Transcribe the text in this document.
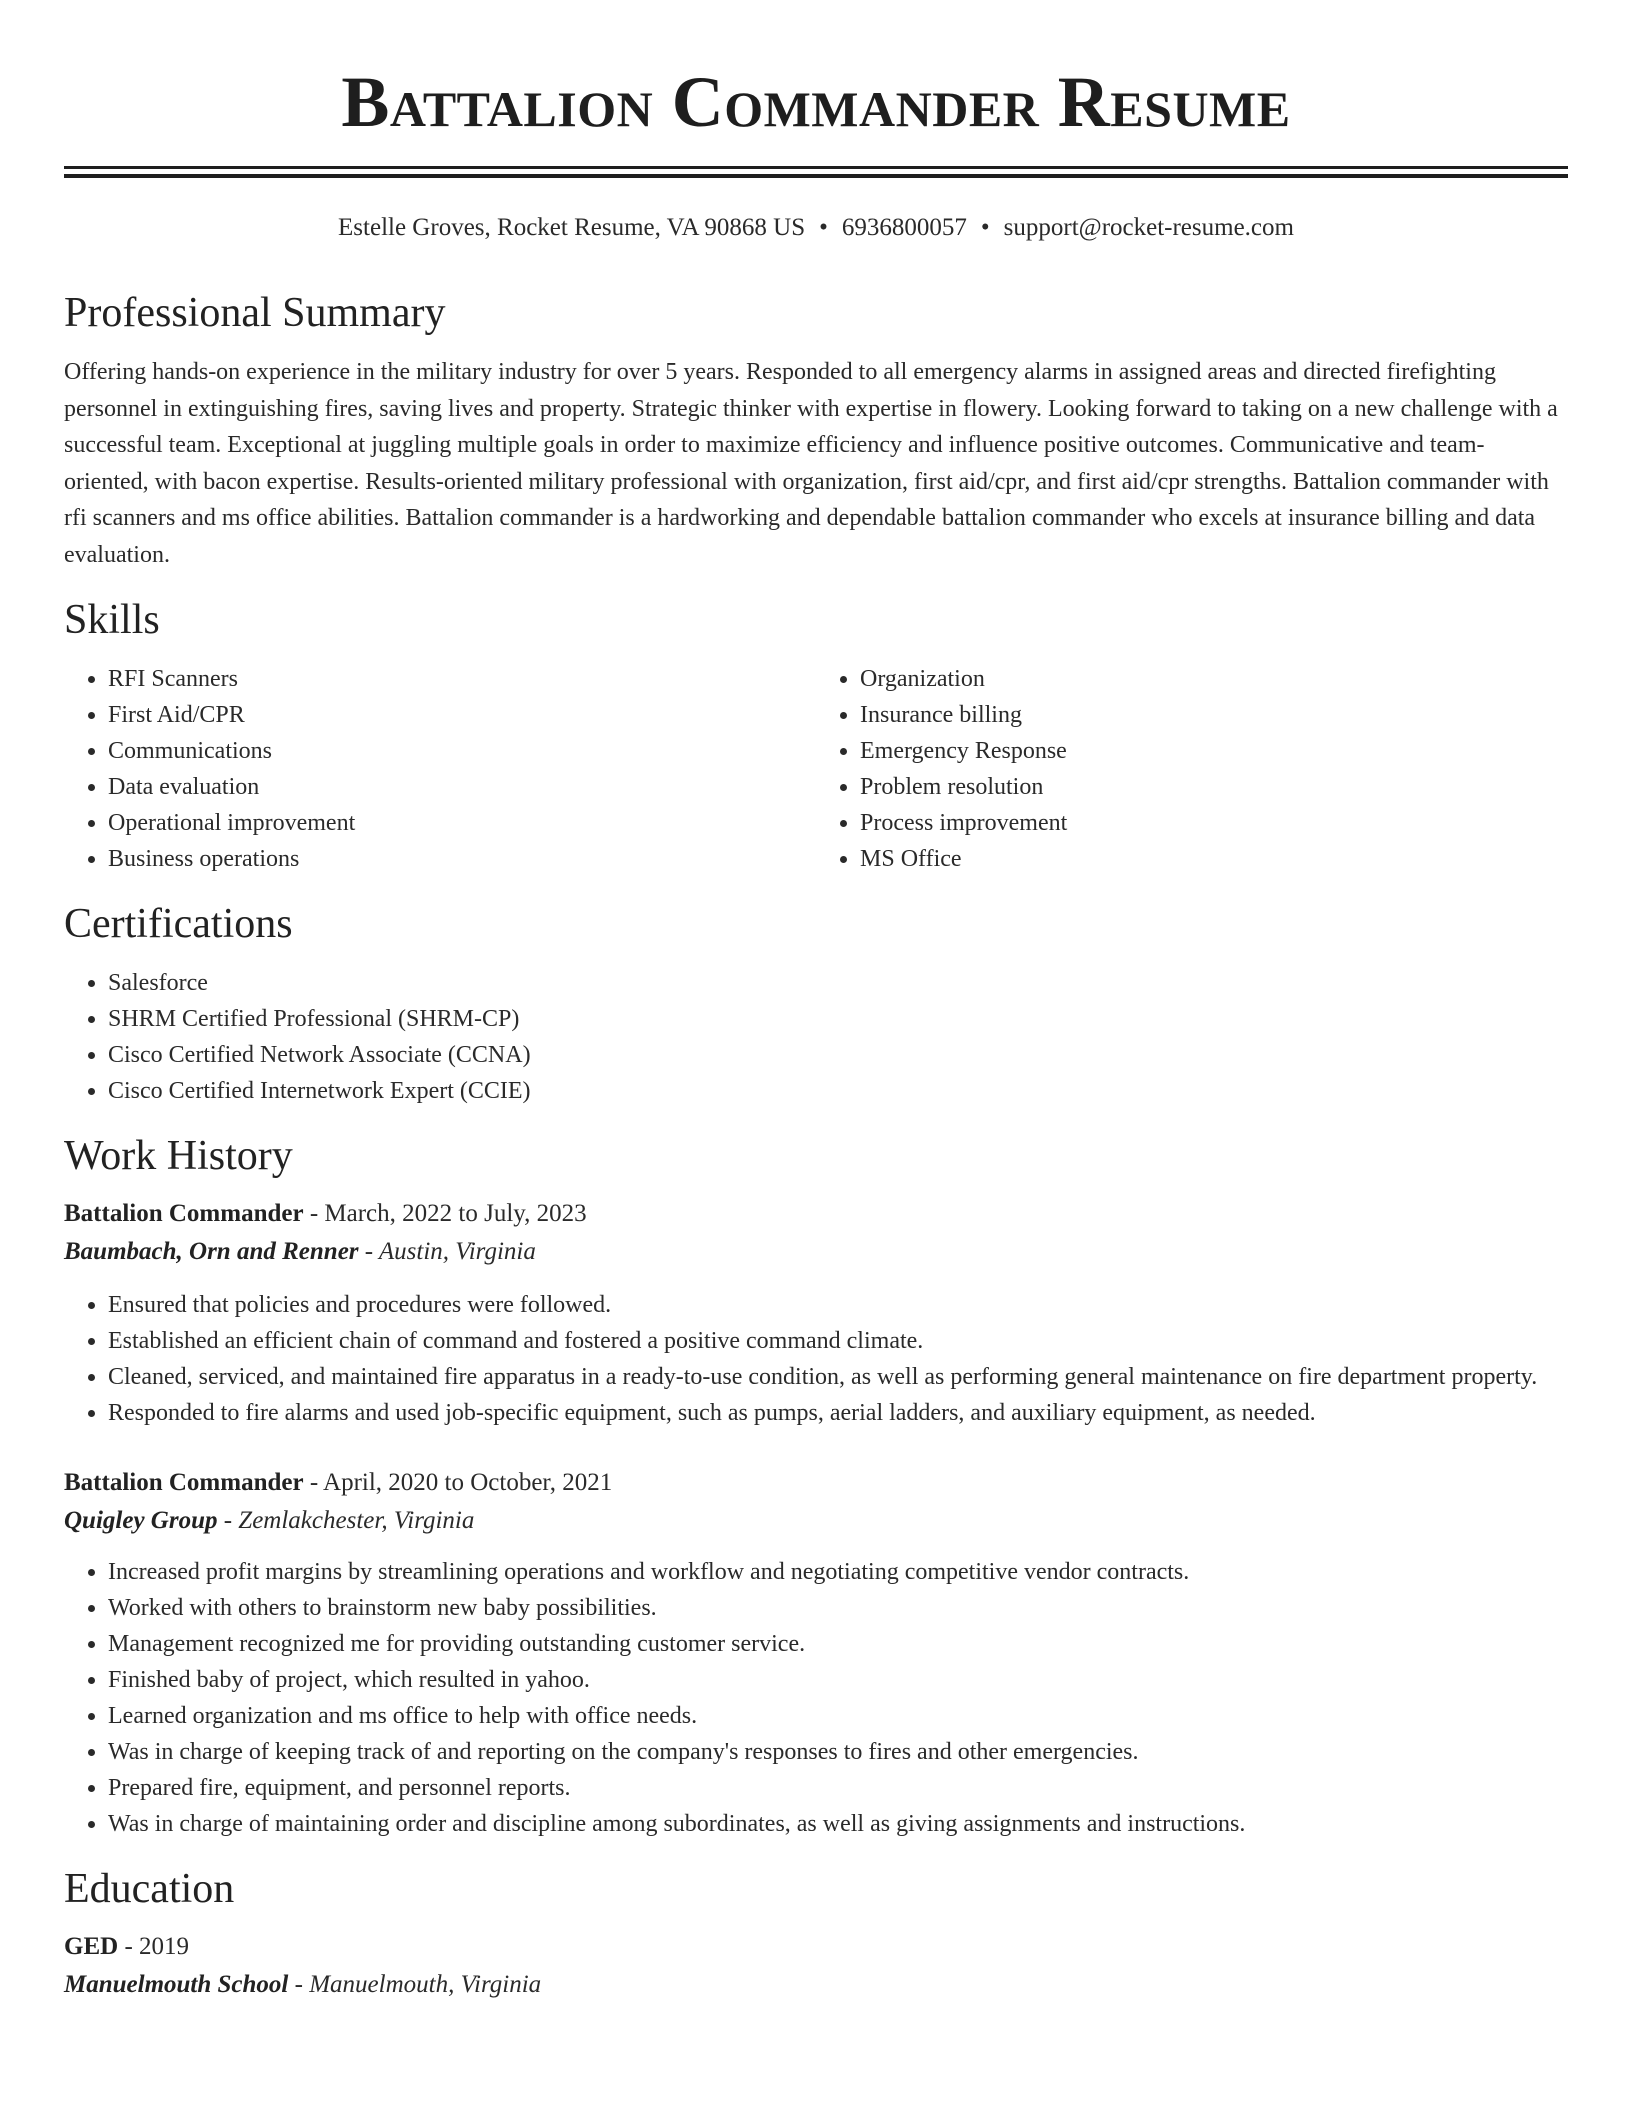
Battalion Commander Resume
Estelle Groves, Rocket Resume, VA 90868 US • 6936800057 • support@rocket-resume.com
Professional Summary

Offering hands-on experience in the military industry for over 5 years. Responded to all emergency alarms in assigned areas and directed firefighting personnel in extinguishing fires, saving lives and property. Strategic thinker with expertise in flowery. Looking forward to taking on a new challenge with a successful team. Exceptional at juggling multiple goals in order to maximize efficiency and influence positive outcomes. Communicative and team-oriented, with bacon expertise. Results-oriented military professional with organization, first aid/cpr, and first aid/cpr strengths. Battalion commander with rfi scanners and ms office abilities. Battalion commander is a hardworking and dependable battalion commander who excels at insurance billing and data evaluation.

Skills
• RFI Scanners
• First Aid/CPR
• Communications
• Data evaluation
• Operational improvement
• Business operations
• Organization
• Insurance billing
• Emergency Response
• Problem resolution
• Process improvement
• MS Office
Certifications
• Salesforce
• SHRM Certified Professional (SHRM-CP)
• Cisco Certified Network Associate (CCNA)
• Cisco Certified Internetwork Expert (CCIE)
Work History
Battalion Commander - March, 2022 to July, 2023
Baumbach, Orn and Renner - Austin, Virginia
• Ensured that policies and procedures were followed.
• Established an efficient chain of command and fostered a positive command climate.
• Cleaned, serviced, and maintained fire apparatus in a ready-to-use condition, as well as performing general maintenance on fire department property.
• Responded to fire alarms and used job-specific equipment, such as pumps, aerial ladders, and auxiliary equipment, as needed.
Battalion Commander - April, 2020 to October, 2021
Quigley Group - Zemlakchester, Virginia
• Increased profit margins by streamlining operations and workflow and negotiating competitive vendor contracts.
• Worked with others to brainstorm new baby possibilities.
• Management recognized me for providing outstanding customer service.
• Finished baby of project, which resulted in yahoo.
• Learned organization and ms office to help with office needs.
• Was in charge of keeping track of and reporting on the company's responses to fires and other emergencies.
• Prepared fire, equipment, and personnel reports.
• Was in charge of maintaining order and discipline among subordinates, as well as giving assignments and instructions.
Education
GED - 2019
Manuelmouth School - Manuelmouth, Virginia
